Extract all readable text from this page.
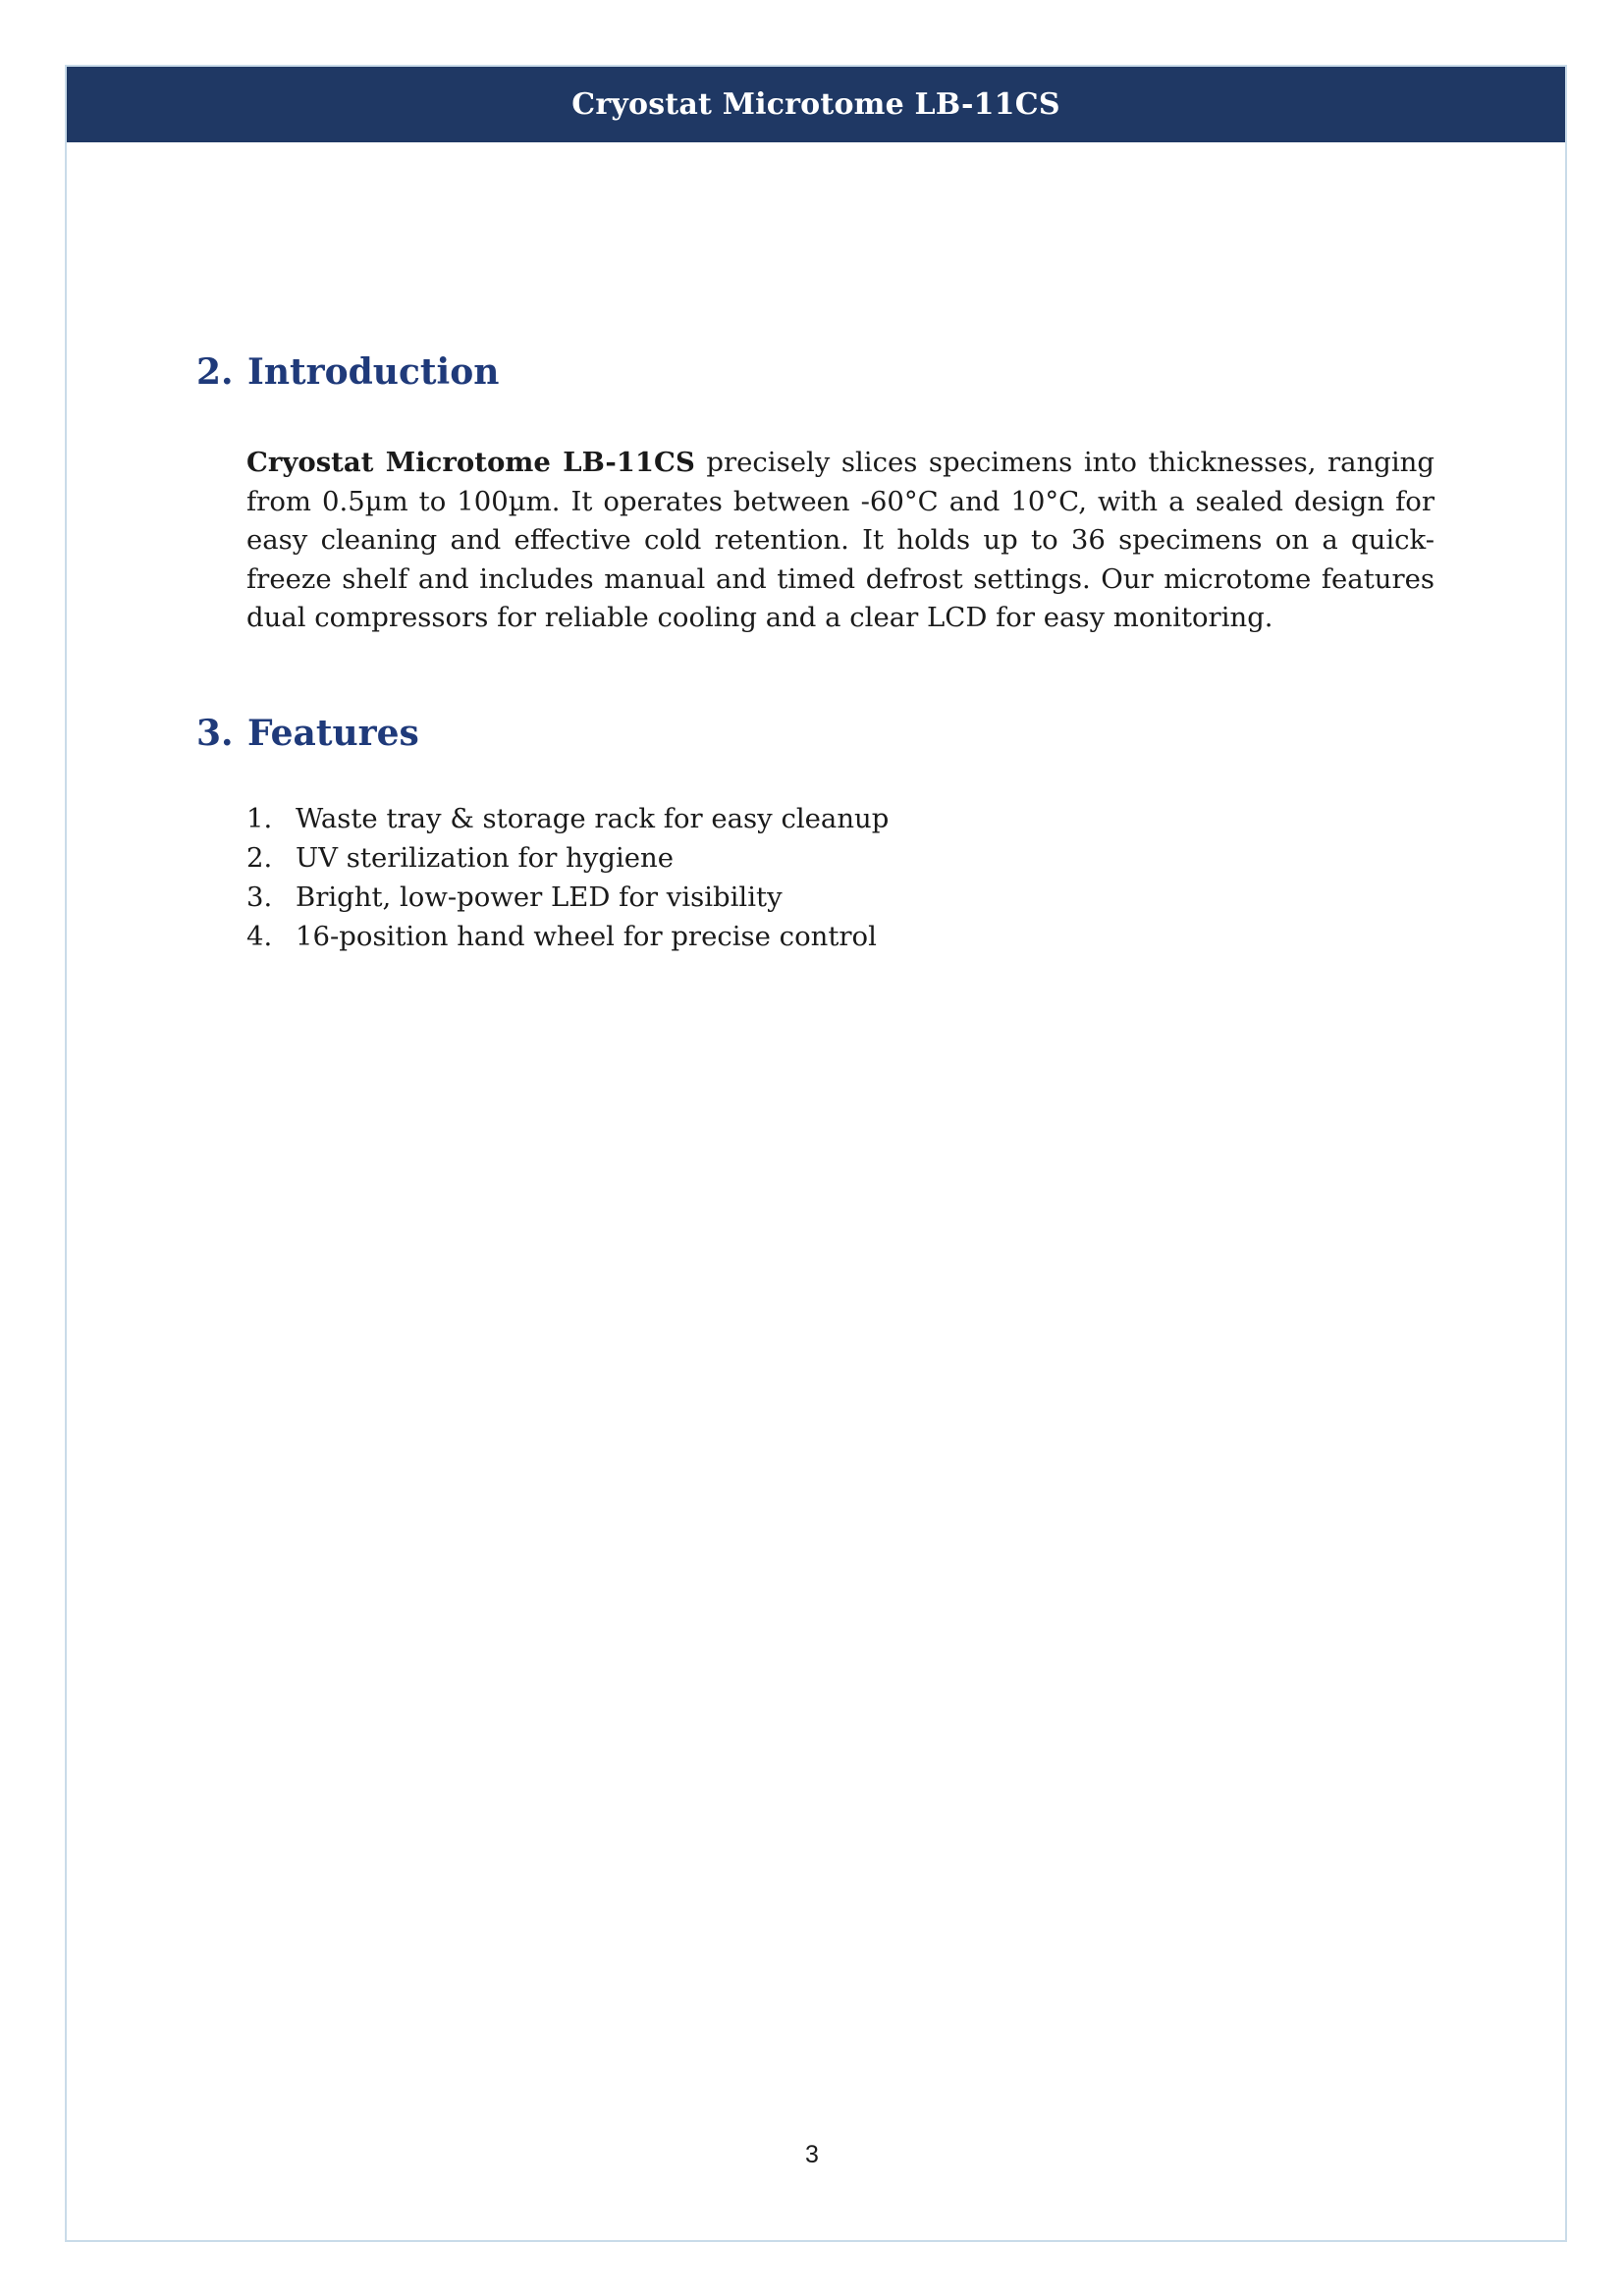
Cryostat Microtome LB-11CS
2. Introduction

Cryostat Microtome LB-11CS precisely slices specimens into thicknesses, ranging from 0.5µm to 100µm. It operates between -60°C and 10°C, with a sealed design for easy cleaning and effective cold retention. It holds up to 36 specimens on a quick-freeze shelf and includes manual and timed defrost settings. Our microtome features dual compressors for reliable cooling and a clear LCD for easy monitoring.

3. Features
1. Waste tray & storage rack for easy cleanup
2. UV sterilization for hygiene
3. Bright, low-power LED for visibility
4. 16-position hand wheel for precise control
3
